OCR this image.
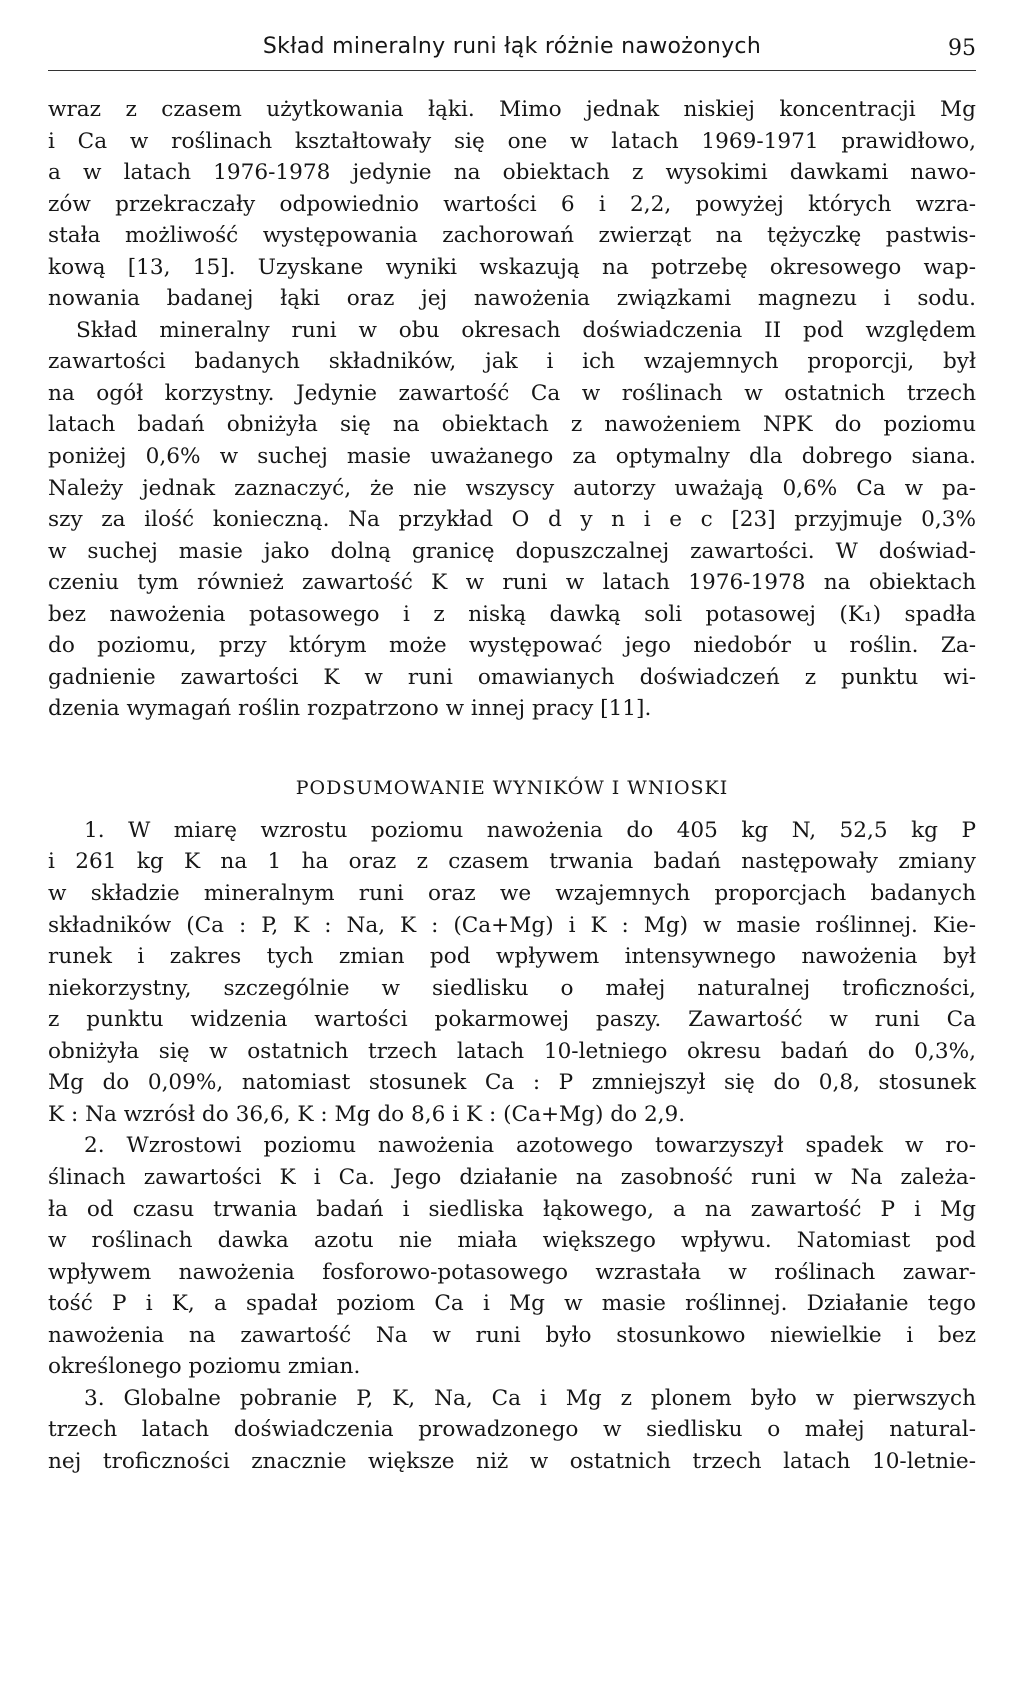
Skład mineralny runi łąk różnie nawożonych	95
wraz z czasem użytkowania łąki. Mimo jednak niskiej koncentracji Mg
i Ca w roślinach kształtowały się one w latach 1969-1971 prawidłowo,
a w latach 1976-1978 jedynie na obiektach z wysokimi dawkami nawo-
zów przekraczały odpowiednio wartości 6 i 2,2, powyżej których wzra-
stała możliwość występowania zachorowań zwierząt na tężyczkę pastwis-
kową [13, 15]. Uzyskane wyniki wskazują na potrzebę okresowego wap-
nowania badanej łąki oraz jej nawożenia związkami magnezu i sodu.
Skład mineralny runi w obu okresach doświadczenia II pod względem
zawartości badanych składników, jak i ich wzajemnych proporcji, był
na ogół korzystny. Jedynie zawartość Ca w roślinach w ostatnich trzech
latach badań obniżyła się na obiektach z nawożeniem NPK do poziomu
poniżej 0,6% w suchej masie uważanego za optymalny dla dobrego siana.
Należy jednak zaznaczyć, że nie wszyscy autorzy uważają 0,6% Ca w pa-
szy za ilość konieczną. Na przykład O d y n i e c [23] przyjmuje 0,3%
w suchej masie jako dolną granicę dopuszczalnej zawartości. W doświad-
czeniu tym również zawartość K w runi w latach 1976-1978 na obiektach
bez nawożenia potasowego i z niską dawką soli potasowej (K₁) spadła
do poziomu, przy którym może występować jego niedobór u roślin. Za-
gadnienie zawartości K w runi omawianych doświadczeń z punktu wi-
dzenia wymagań roślin rozpatrzono w innej pracy [11].
PODSUMOWANIE WYNIKÓW I WNIOSKI
1. W miarę wzrostu poziomu nawożenia do 405 kg N, 52,5 kg P
i 261 kg K na 1 ha oraz z czasem trwania badań następowały zmiany
w składzie mineralnym runi oraz we wzajemnych proporcjach badanych
składników (Ca : P, K : Na, K : (Ca+Mg) i K : Mg) w masie roślinnej. Kie-
runek i zakres tych zmian pod wpływem intensywnego nawożenia był
niekorzystny, szczególnie w siedlisku o małej naturalnej troficzności,
z punktu widzenia wartości pokarmowej paszy. Zawartość w runi Ca
obniżyła się w ostatnich trzech latach 10-letniego okresu badań do 0,3%,
Mg do 0,09%, natomiast stosunek Ca : P zmniejszył się do 0,8, stosunek
K : Na wzrósł do 36,6, K : Mg do 8,6 i K : (Ca+Mg) do 2,9.
2. Wzrostowi poziomu nawożenia azotowego towarzyszył spadek w ro-
ślinach zawartości K i Ca. Jego działanie na zasobność runi w Na zależa-
ła od czasu trwania badań i siedliska łąkowego, a na zawartość P i Mg
w roślinach dawka azotu nie miała większego wpływu. Natomiast pod
wpływem nawożenia fosforowo-potasowego wzrastała w roślinach zawar-
tość P i K, a spadał poziom Ca i Mg w masie roślinnej. Działanie tego
nawożenia na zawartość Na w runi było stosunkowo niewielkie i bez
określonego poziomu zmian.
3. Globalne pobranie P, K, Na, Ca i Mg z plonem było w pierwszych
trzech latach doświadczenia prowadzonego w siedlisku o małej natural-
nej troficzności znacznie większe niż w ostatnich trzech latach 10-letnie-
